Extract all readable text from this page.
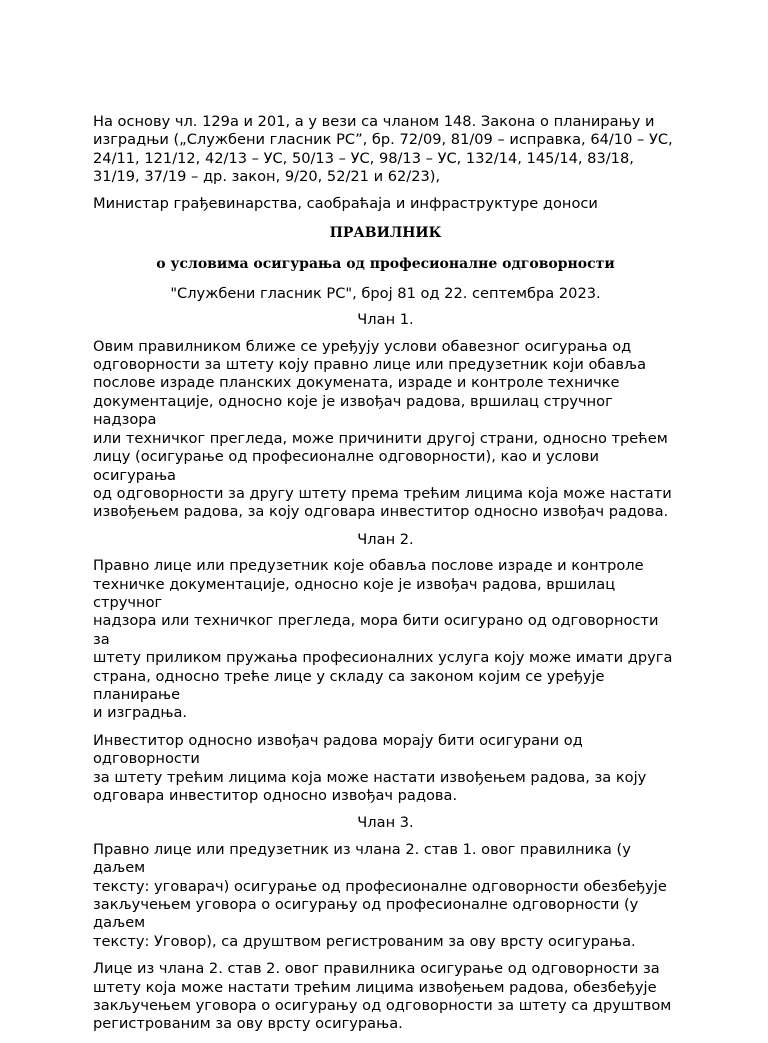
На основу чл. 129а и 201, а у вези са чланом 148. Закона о планирању и
изградњи („Службени гласник РС”, бр. 72/09, 81/09 – исправка, 64/10 – УС,
24/11, 121/12, 42/13 – УС, 50/13 – УС, 98/13 – УС, 132/14, 145/14, 83/18,
31/19, 37/19 – др. закон, 9/20, 52/21 и 62/23),

Министар грађевинарства, саобраћаја и инфраструктуре доноси

ПРАВИЛНИК

о условима осигурања од професионалне одговорности

"Службени гласник РС", број 81 од 22. септембра 2023.

Члан 1.

Овим правилником ближе се уређују услови обавезног осигурања од
одговорности за штету коју правно лице или предузетник који обавља
послове израде планских докумената, израде и контроле техничке
документације, односно које је извођач радова, вршилац стручног надзора
или техничког прегледа, може причинити другој страни, односно трећем
лицу (осигурање од професионалне одговорности), као и услови осигурања
од одговорности за другу штету према трећим лицима која може настати
извођењем радова, за коју одговара инвеститор односно извођач радова.

Члан 2.

Правно лице или предузетник које обавља послове израде и контроле
техничке документације, односно које је извођач радова, вршилац стручног
надзора или техничког прегледа, мора бити осигурано од одговорности за
штету приликом пружања професионалних услуга коју може имати друга
страна, односно треће лице у складу са законом којим се уређује планирање
и изградња.

Инвеститор односно извођач радова морају бити осигурани од одговорности
за штету трећим лицима која може настати извођењем радова, за коју
одговара инвеститор односно извођач радова.

Члан 3.

Правно лице или предузетник из члана 2. став 1. овог правилника (у даљем
тексту: уговарач) осигурање од професионалне одговорности обезбеђује
закључењем уговора о осигурању од професионалне одговорности (у даљем
тексту: Уговор), са друштвом регистрованим за ову врсту осигурања.

Лице из члана 2. став 2. овог правилника осигурање од одговорности за
штету која може настати трећим лицима извођењем радова, обезбеђује
закључењем уговора о осигурању од одговорности за штету са друштвом
регистрованим за ову врсту осигурања.
